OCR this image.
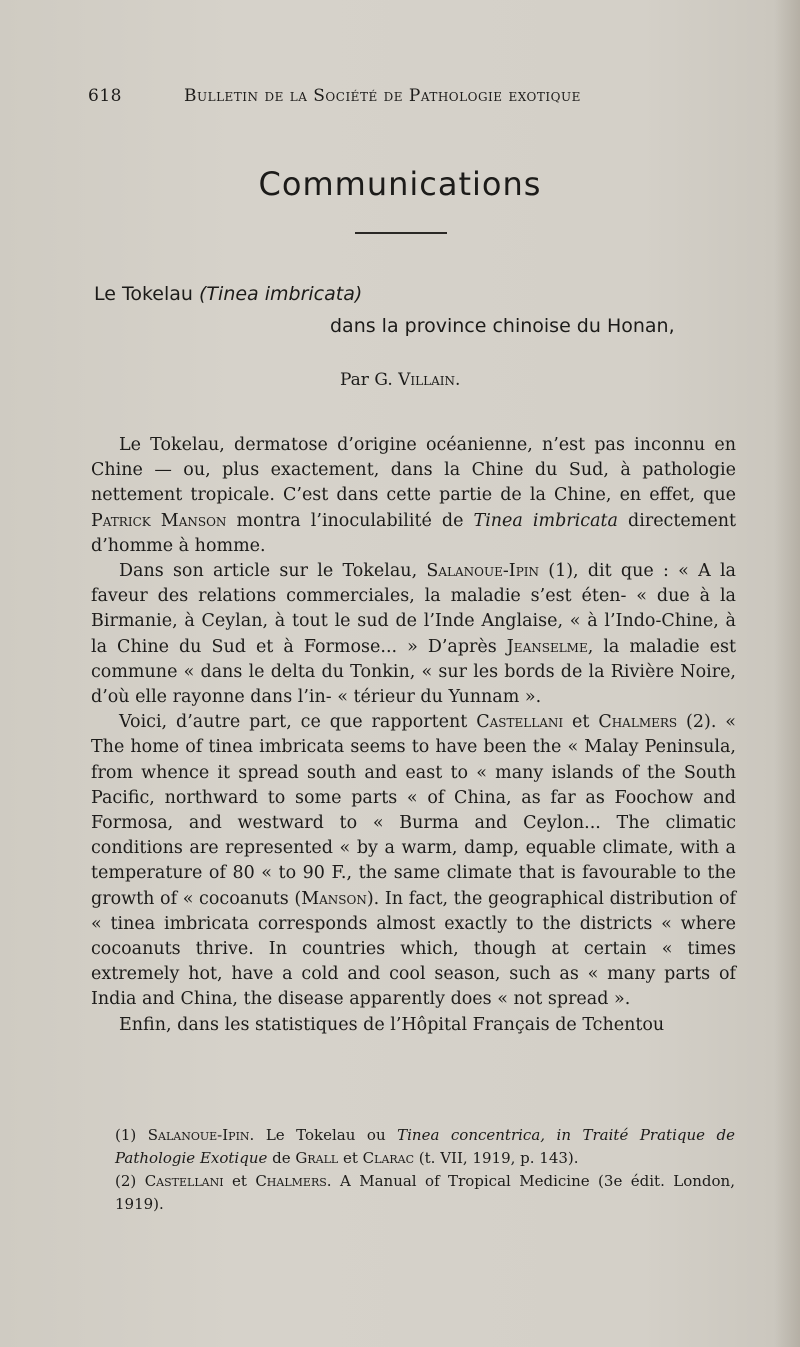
618	Bulletin de la Société de Pathologie exotique
Communications
Le Tokelau (Tinea imbricata)
dans la province chinoise du Honan,
Par G. Villain.

Le Tokelau, dermatose d’origine océanienne, n’est pas inconnu en Chine — ou, plus exactement, dans la Chine du Sud, à pathologie nettement tropicale. C’est dans cette partie de la Chine, en effet, que Patrick Manson montra l’inoculabilité de Tinea imbricata directement d’homme à homme.

Dans son article sur le Tokelau, Salanoue-Ipin (1), dit que : « A la faveur des relations commerciales, la maladie s’est éten- « due à la Birmanie, à Ceylan, à tout le sud de l’Inde Anglaise, « à l’Indo-Chine, à la Chine du Sud et à Formose... » D’après Jeanselme, la maladie est commune « dans le delta du Tonkin, « sur les bords de la Rivière Noire, d’où elle rayonne dans l’in- « térieur du Yunnam ».

Voici, d’autre part, ce que rapportent Castellani et Chalmers (2). « The home of tinea imbricata seems to have been the « Malay Peninsula, from whence it spread south and east to « many islands of the South Pacific, northward to some parts « of China, as far as Foochow and Formosa, and westward to « Burma and Ceylon... The climatic conditions are represented « by a warm, damp, equable climate, with a temperature of 80 « to 90 F., the same climate that is favourable to the growth of « cocoanuts (Manson). In fact, the geographical distribution of « tinea imbricata corresponds almost exactly to the districts « where cocoanuts thrive. In countries which, though at certain « times extremely hot, have a cold and cool season, such as « many parts of India and China, the disease apparently does « not spread ».

Enfin, dans les statistiques de l’Hôpital Français de Tchentou

(1) Salanoue-Ipin. Le Tokelau ou Tinea concentrica, in Traité Pratique de Pathologie Exotique de Grall et Clarac (t. VII, 1919, p. 143).

(2) Castellani et Chalmers. A Manual of Tropical Medicine (3e édit. London, 1919).
